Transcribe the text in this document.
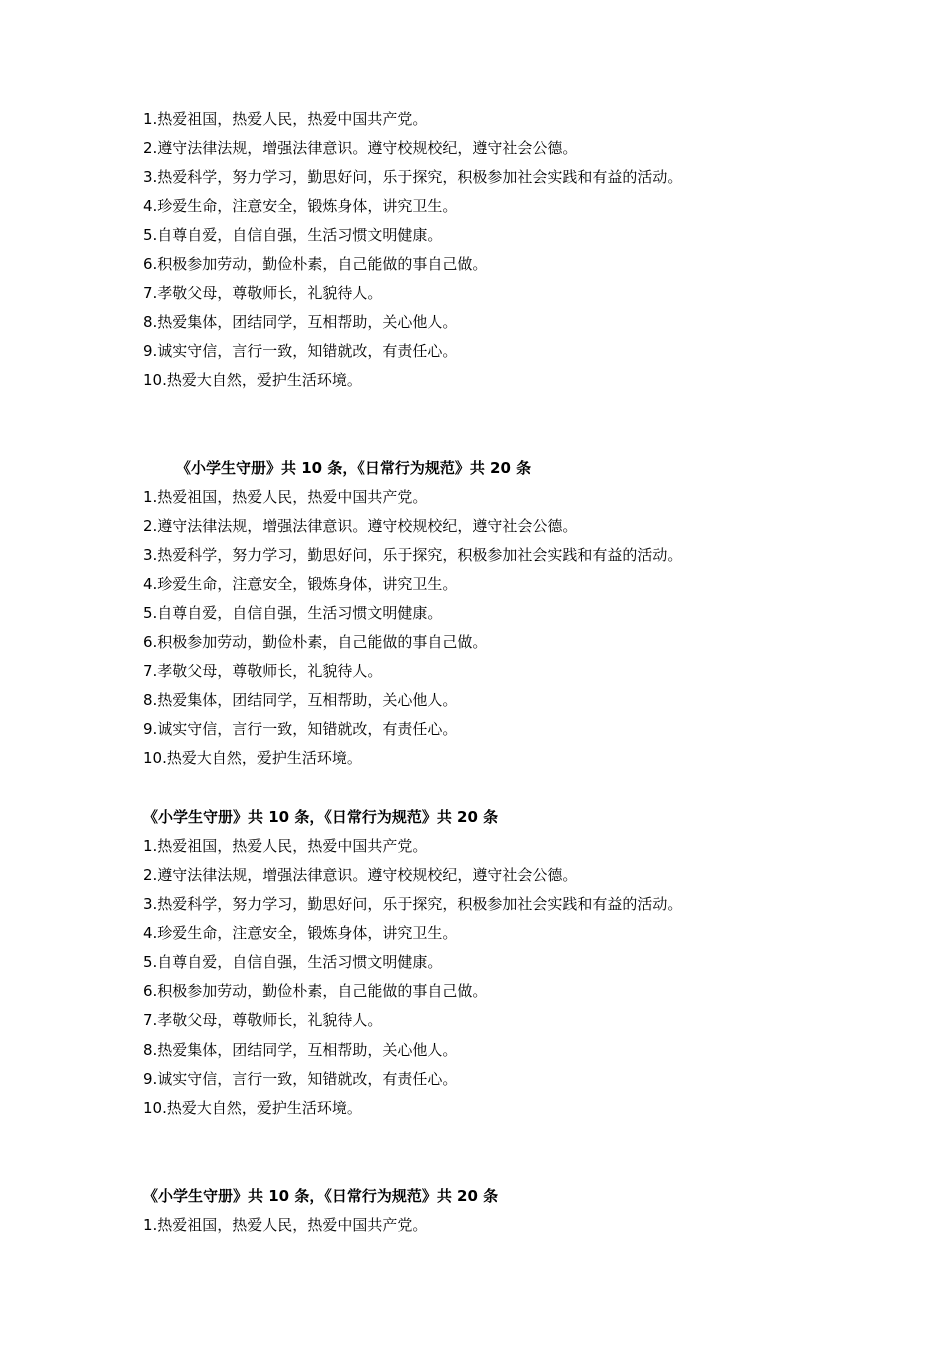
1.热爱祖国，热爱人民，热爱中国共产党。
2.遵守法律法规，增强法律意识。遵守校规校纪，遵守社会公德。
3.热爱科学，努力学习，勤思好问，乐于探究，积极参加社会实践和有益的活动。
4.珍爱生命，注意安全，锻炼身体，讲究卫生。
5.自尊自爱，自信自强，生活习惯文明健康。
6.积极参加劳动，勤俭朴素，自己能做的事自己做。
7.孝敬父母，尊敬师长，礼貌待人。
8.热爱集体，团结同学，互相帮助，关心他人。
9.诚实守信，言行一致，知错就改，有责任心。
10.热爱大自然，爱护生活环境。
《小学生守册》共 10 条，《日常行为规范》共 20 条
1.热爱祖国，热爱人民，热爱中国共产党。
2.遵守法律法规，增强法律意识。遵守校规校纪，遵守社会公德。
3.热爱科学，努力学习，勤思好问，乐于探究，积极参加社会实践和有益的活动。
4.珍爱生命，注意安全，锻炼身体，讲究卫生。
5.自尊自爱，自信自强，生活习惯文明健康。
6.积极参加劳动，勤俭朴素，自己能做的事自己做。
7.孝敬父母，尊敬师长，礼貌待人。
8.热爱集体，团结同学，互相帮助，关心他人。
9.诚实守信，言行一致，知错就改，有责任心。
10.热爱大自然，爱护生活环境。
《小学生守册》共 10 条，《日常行为规范》共 20 条
1.热爱祖国，热爱人民，热爱中国共产党。
2.遵守法律法规，增强法律意识。遵守校规校纪，遵守社会公德。
3.热爱科学，努力学习，勤思好问，乐于探究，积极参加社会实践和有益的活动。
4.珍爱生命，注意安全，锻炼身体，讲究卫生。
5.自尊自爱，自信自强，生活习惯文明健康。
6.积极参加劳动，勤俭朴素，自己能做的事自己做。
7.孝敬父母，尊敬师长，礼貌待人。
8.热爱集体，团结同学，互相帮助，关心他人。
9.诚实守信，言行一致，知错就改，有责任心。
10.热爱大自然，爱护生活环境。
《小学生守册》共 10 条，《日常行为规范》共 20 条
1.热爱祖国，热爱人民，热爱中国共产党。
